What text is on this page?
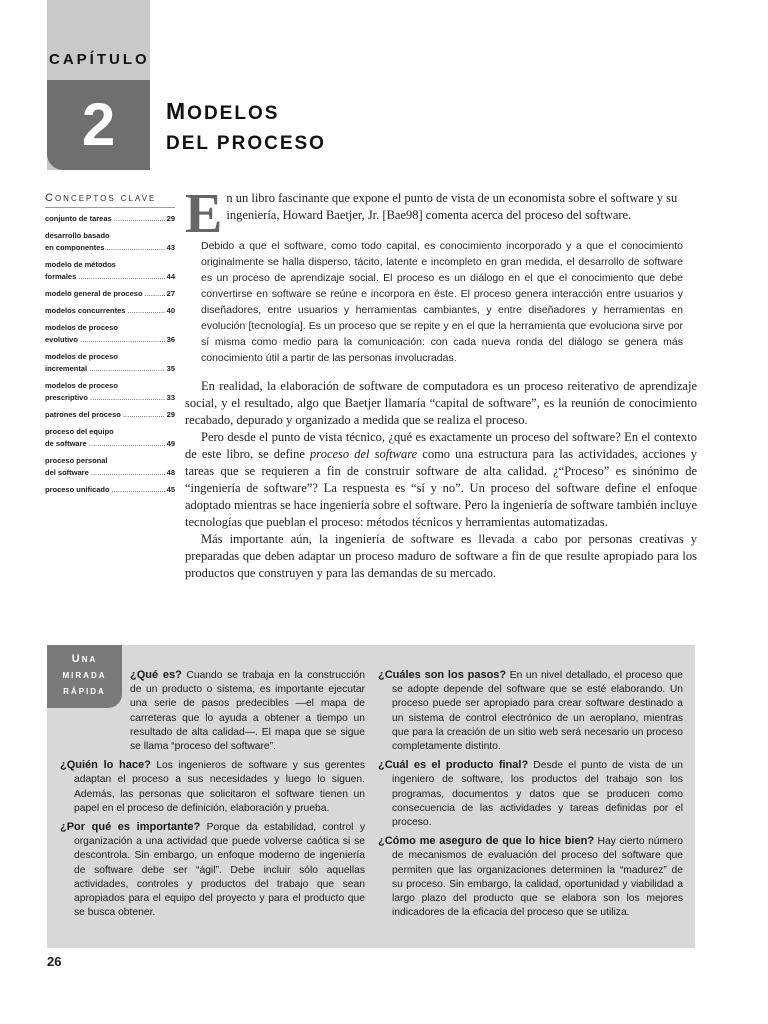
CAPÍTULO
2	MODELOS
DEL PROCESO
Conceptos clave
conjunto de tareas .....	29
desarrollo basado
en componentes .....	43
modelo de métodos
formales .....	44
modelo general de proceso .....	27
modelos concurrentes .....	40
modelos de proceso
evolutivo .....	36
modelos de proceso
incremental .....	35
modelos de proceso
prescriptivo .....	33
patrones del proceso .....	29
proceso del equipo
de software .....	49
proceso personal
del software .....	48
proceso unificado .....	45
En un libro fascinante que expone el punto de vista de un economista sobre el software y su ingeniería, Howard Baetjer, Jr. [Bae98] comenta acerca del proceso del software.
Debido a que el software, como todo capital, es conocimiento incorporado y a que el conocimiento originalmente se halla disperso, tácito, latente e incompleto en gran medida, el desarrollo de software es un proceso de aprendizaje social. El proceso es un diálogo en el que el conocimiento que debe convertirse en software se reúne e incorpora en éste. El proceso genera interacción entre usuarios y diseñadores, entre usuarios y herramientas cambiantes, y entre diseñadores y herramientas en evolución [tecnología]. Es un proceso que se repite y en el que la herramienta que evoluciona sirve por sí misma como medio para la comunicación: con cada nueva ronda del diálogo se genera más conocimiento útil a partir de las personas involucradas.

En realidad, la elaboración de software de computadora es un proceso reiterativo de aprendizaje social, y el resultado, algo que Baetjer llamaría “capital de software”, es la reunión de conocimiento recabado, depurado y organizado a medida que se realiza el proceso.

Pero desde el punto de vista técnico, ¿qué es exactamente un proceso del software? En el contexto de este libro, se define proceso del software como una estructura para las actividades, acciones y tareas que se requieren a fin de construir software de alta calidad. ¿“Proceso” es sinónimo de “ingeniería de software”? La respuesta es “sí y no”. Un proceso del software define el enfoque adoptado mientras se hace ingeniería sobre el software. Pero la ingeniería de software también incluye tecnologías que pueblan el proceso: métodos técnicos y herramientas automatizadas.

Más importante aún, la ingeniería de software es llevada a cabo por personas creativas y preparadas que deben adaptar un proceso maduro de software a fin de que resulte apropiado para los productos que construyen y para las demandas de su mercado.

Una
mirada
rápida

¿Qué es? Cuando se trabaja en la construcción de un producto o sistema, es importante ejecutar una serie de pasos predecibles —el mapa de carreteras que lo ayuda a obtener a tiempo un resultado de alta calidad—. El mapa que se sigue se llama “proceso del software”.

¿Quién lo hace? Los ingenieros de software y sus gerentes adaptan el proceso a sus necesidades y luego lo siguen. Además, las personas que solicitaron el software tienen un papel en el proceso de definición, elaboración y prueba.

¿Por qué es importante? Porque da estabilidad, control y organización a una actividad que puede volverse caótica si se descontrola. Sin embargo, un enfoque moderno de ingeniería de software debe ser “ágil”. Debe incluir sólo aquellas actividades, controles y productos del trabajo que sean apropiados para el equipo del proyecto y para el producto que se busca obtener.

¿Cuáles son los pasos? En un nivel detallado, el proceso que se adopte depende del software que se esté elaborando. Un proceso puede ser apropiado para crear software destinado a un sistema de control electrónico de un aeroplano, mientras que para la creación de un sitio web será necesario un proceso completamente distinto.

¿Cuál es el producto final? Desde el punto de vista de un ingeniero de software, los productos del trabajo son los programas, documentos y datos que se producen como consecuencia de las actividades y tareas definidas por el proceso.

¿Cómo me aseguro de que lo hice bien? Hay cierto número de mecanismos de evaluación del proceso del software que permiten que las organizaciones determinen la “madurez” de su proceso. Sin embargo, la calidad, oportunidad y viabilidad a largo plazo del producto que se elabora son los mejores indicadores de la eficacia del proceso que se utiliza.

26
